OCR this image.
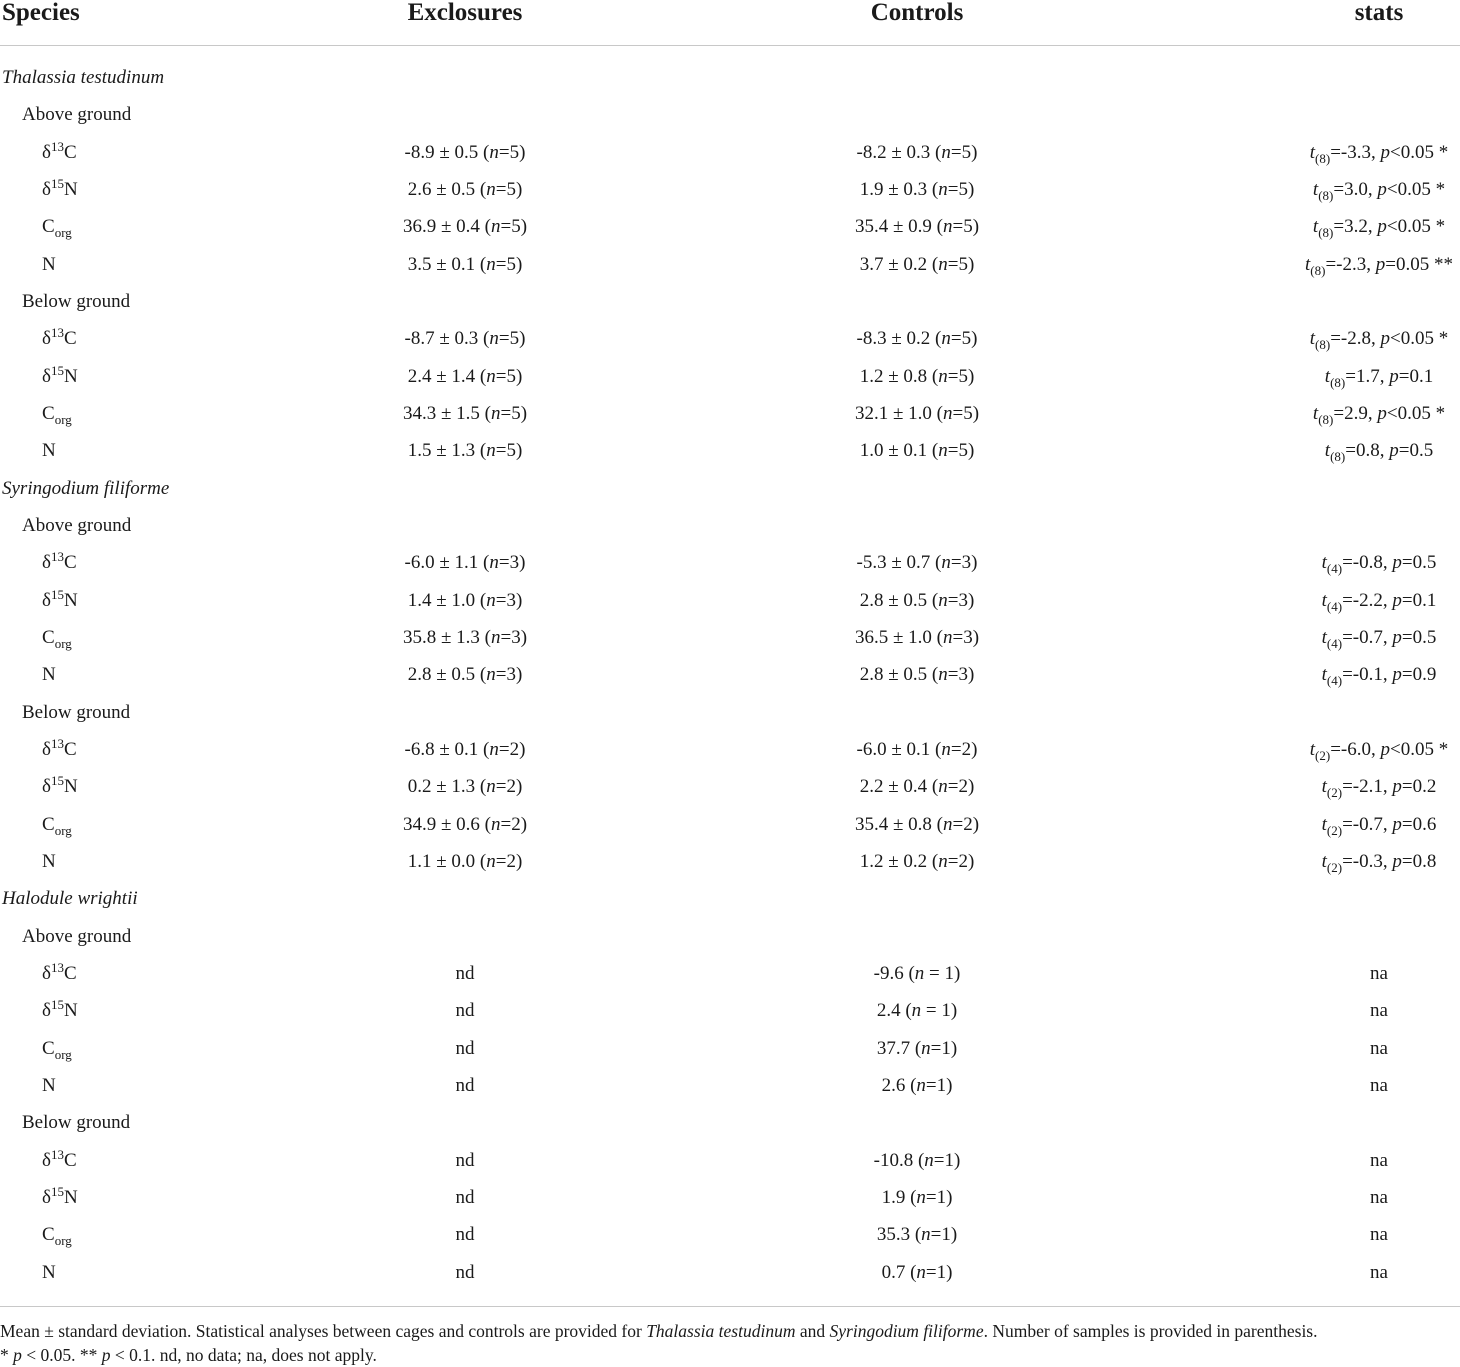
Species	Exclosures	Controls	stats
Thalassia testudinum
Above ground
$\delta^{13}C$	-8.9 ± 0.5 (n=5)	-8.2 ± 0.3 (n=5)	$t_{(8)}=-3.3$, p<0.05 *
$\delta^{15}N$	2.6 ± 0.5 (n=5)	1.9 ± 0.3 (n=5)	$t_{(8)}=3.0$, p<0.05 *
$C_{org}$	36.9 ± 0.4 (n=5)	35.4 ± 0.9 (n=5)	$t_{(8)}=3.2$, p<0.05 *
N	3.5 ± 0.1 (n=5)	3.7 ± 0.2 (n=5)	$t_{(8)}=-2.3$, p=0.05 **
Below ground
$\delta^{13}C$	-8.7 ± 0.3 (n=5)	-8.3 ± 0.2 (n=5)	$t_{(8)}=-2.8$, p<0.05 *
$\delta^{15}N$	2.4 ± 1.4 (n=5)	1.2 ± 0.8 (n=5)	$t_{(8)}=1.7$, p=0.1
$C_{org}$	34.3 ± 1.5 (n=5)	32.1 ± 1.0 (n=5)	$t_{(8)}=2.9$, p<0.05 *
N	1.5 ± 1.3 (n=5)	1.0 ± 0.1 (n=5)	$t_{(8)}=0.8$, p=0.5
Syringodium filiforme
Above ground
$\delta^{13}C$	-6.0 ± 1.1 (n=3)	-5.3 ± 0.7 (n=3)	$t_{(4)}=-0.8$, p=0.5
$\delta^{15}N$	1.4 ± 1.0 (n=3)	2.8 ± 0.5 (n=3)	$t_{(4)}=-2.2$, p=0.1
$C_{org}$	35.8 ± 1.3 (n=3)	36.5 ± 1.0 (n=3)	$t_{(4)}=-0.7$, p=0.5
N	2.8 ± 0.5 (n=3)	2.8 ± 0.5 (n=3)	$t_{(4)}=-0.1$, p=0.9
Below ground
$\delta^{13}C$	-6.8 ± 0.1 (n=2)	-6.0 ± 0.1 (n=2)	$t_{(2)}=-6.0$, p<0.05 *
$\delta^{15}N$	0.2 ± 1.3 (n=2)	2.2 ± 0.4 (n=2)	$t_{(2)}=-2.1$, p=0.2
$C_{org}$	34.9 ± 0.6 (n=2)	35.4 ± 0.8 (n=2)	$t_{(2)}=-0.7$, p=0.6
N	1.1 ± 0.0 (n=2)	1.2 ± 0.2 (n=2)	$t_{(2)}=-0.3$, p=0.8
Halodule wrightii
Above ground
$\delta^{13}C$	nd	-9.6 (n = 1)	na
$\delta^{15}N$	nd	2.4 (n = 1)	na
$C_{org}$	nd	37.7 (n=1)	na
N	nd	2.6 (n=1)	na
Below ground
$\delta^{13}C$	nd	-10.8 (n=1)	na
$\delta^{15}N$	nd	1.9 (n=1)	na
$C_{org}$	nd	35.3 (n=1)	na
N	nd	0.7 (n=1)	na

Mean ± standard deviation. Statistical analyses between cages and controls are provided for Thalassia testudinum and Syringodium filiforme. Number of samples is provided in parenthesis.

* p < 0.05. ** p < 0.1. nd, no data; na, does not apply.
